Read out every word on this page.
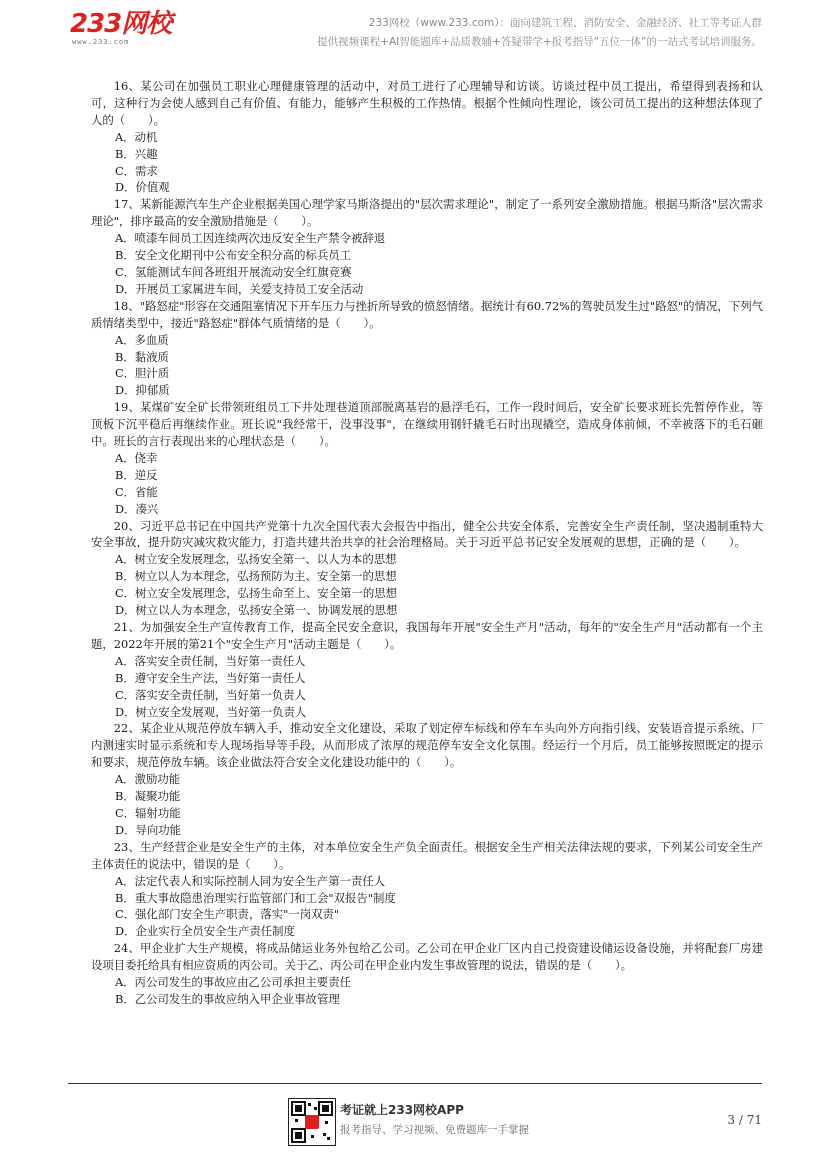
233网校
www.233.com
233网校（www.233.com）：面向建筑工程、消防安全、金融经济、社工等考证人群
提供视频课程+AI智能题库+品质教辅+答疑带学+报考指导“五位一体”的一站式考试培训服务。

16、某公司在加强员工职业心理健康管理的活动中，对员工进行了心理辅导和访谈。访谈过程中员工提出，希望得到表扬和认可，这种行为会使人感到自己有价值、有能力，能够产生积极的工作热情。根据个性倾向性理论，该公司员工提出的这种想法体现了人的（　　）。

A．动机

B．兴趣

C．需求

D．价值观

17、某新能源汽车生产企业根据美国心理学家马斯洛提出的"层次需求理论"，制定了一系列安全激励措施。根据马斯洛"层次需求理论"，排序最高的安全激励措施是（　　）。

A．喷漆车间员工因连续两次违反安全生产禁令被辞退

B．安全文化期刊中公布安全积分高的标兵员工

C．氢能测试车间各班组开展流动安全红旗竞赛

D．开展员工家属进车间，关爱支持员工安全活动

18、"路怒症"形容在交通阻塞情况下开车压力与挫折所导致的愤怒情绪。据统计有60.72%的驾驶员发生过"路怒"的情况，下列气质情绪类型中，接近"路怒症"群体气质情绪的是（　　）。

A．多血质

B．黏液质

C．胆汁质

D．抑郁质

19、某煤矿安全矿长带领班组员工下井处理巷道顶部脱离基岩的悬浮毛石，工作一段时间后，安全矿长要求班长先暂停作业，等顶板下沉平稳后再继续作业。班长说"我经常干，没事没事"，在继续用钢钎撬毛石时出现撬空，造成身体前倾，不幸被落下的毛石砸中。班长的言行表现出来的心理状态是（　　）。

A．侥幸

B．逆反

C．省能

D．凑兴

20、习近平总书记在中国共产党第十九次全国代表大会报告中指出，健全公共安全体系，完善安全生产责任制，坚决遏制重特大安全事故，提升防灾减灾救灾能力，打造共建共治共享的社会治理格局。关于习近平总书记安全发展观的思想，正确的是（　　）。

A．树立安全发展理念，弘扬安全第一、以人为本的思想

B．树立以人为本理念，弘扬预防为主、安全第一的思想

C．树立安全发展理念，弘扬生命至上、安全第一的思想

D．树立以人为本理念，弘扬安全第一、协调发展的思想

21、为加强安全生产宣传教育工作，提高全民安全意识，我国每年开展"安全生产月"活动，每年的"安全生产月"活动都有一个主题，2022年开展的第21个"安全生产月"活动主题是（　　）。

A．落实安全责任制，当好第一责任人

B．遵守安全生产法，当好第一责任人

C．落实安全责任制，当好第一负责人

D．树立安全发展观，当好第一负责人

22、某企业从规范停放车辆入手，推动安全文化建设，采取了划定停车标线和停车车头向外方向指引线、安装语音提示系统、厂内测速实时显示系统和专人现场指导等手段，从而形成了浓厚的规范停车安全文化氛围。经运行一个月后，员工能够按照既定的提示和要求，规范停放车辆。该企业做法符合安全文化建设功能中的（　　）。

A．激励功能

B．凝聚功能

C．辐射功能

D．导向功能

23、生产经营企业是安全生产的主体，对本单位安全生产负全面责任。根据安全生产相关法律法规的要求，下列某公司安全生产主体责任的说法中，错误的是（　　）。

A．法定代表人和实际控制人同为安全生产第一责任人

B．重大事故隐患治理实行监管部门和工会"双报告"制度

C．强化部门安全生产职责，落实"一岗双责"

D．企业实行全员安全生产责任制度

24、甲企业扩大生产规模，将成品储运业务外包给乙公司。乙公司在甲企业厂区内自己投资建设储运设备设施，并将配套厂房建设项目委托给具有相应资质的丙公司。关于乙、丙公司在甲企业内发生事故管理的说法，错误的是（　　）。

A．丙公司发生的事故应由乙公司承担主要责任

B．乙公司发生的事故应纳入甲企业事故管理

考证就上233网校APP
报考指导、学习视频、免费题库一手掌握
3 / 71
